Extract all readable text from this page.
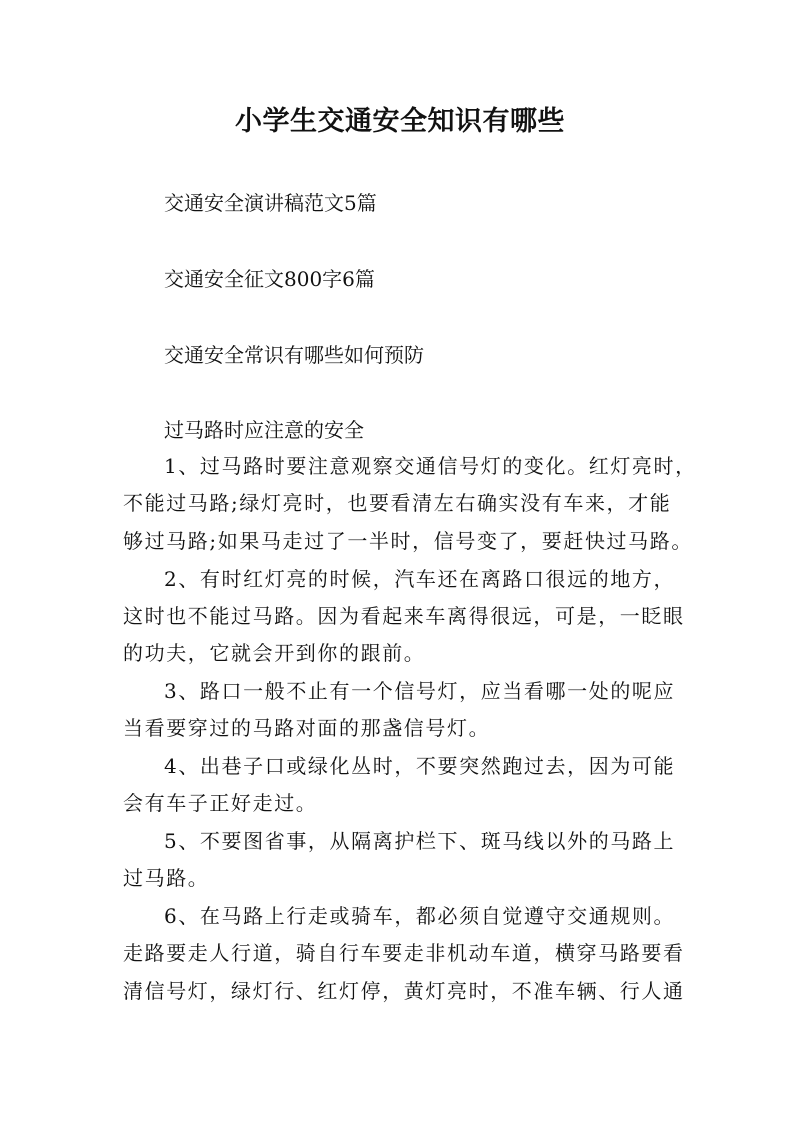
小学生交通安全知识有哪些
交通安全演讲稿范文5篇
交通安全征文800字6篇
交通安全常识有哪些如何预防
过马路时应注意的安全
1、过马路时要注意观察交通信号灯的变化。红灯亮时，
不能过马路;绿灯亮时，也要看清左右确实没有车来，才能
够过马路;如果马走过了一半时，信号变了，要赶快过马路。
2、有时红灯亮的时候，汽车还在离路口很远的地方，
这时也不能过马路。因为看起来车离得很远，可是，一眨眼
的功夫，它就会开到你的跟前。
3、路口一般不止有一个信号灯，应当看哪一处的呢应
当看要穿过的马路对面的那盏信号灯。
4、出巷子口或绿化丛时，不要突然跑过去，因为可能
会有车子正好走过。
5、不要图省事，从隔离护栏下、斑马线以外的马路上
过马路。
6、在马路上行走或骑车，都必须自觉遵守交通规则。
走路要走人行道，骑自行车要走非机动车道，横穿马路要看
清信号灯，绿灯行、红灯停，黄灯亮时，不准车辆、行人通
